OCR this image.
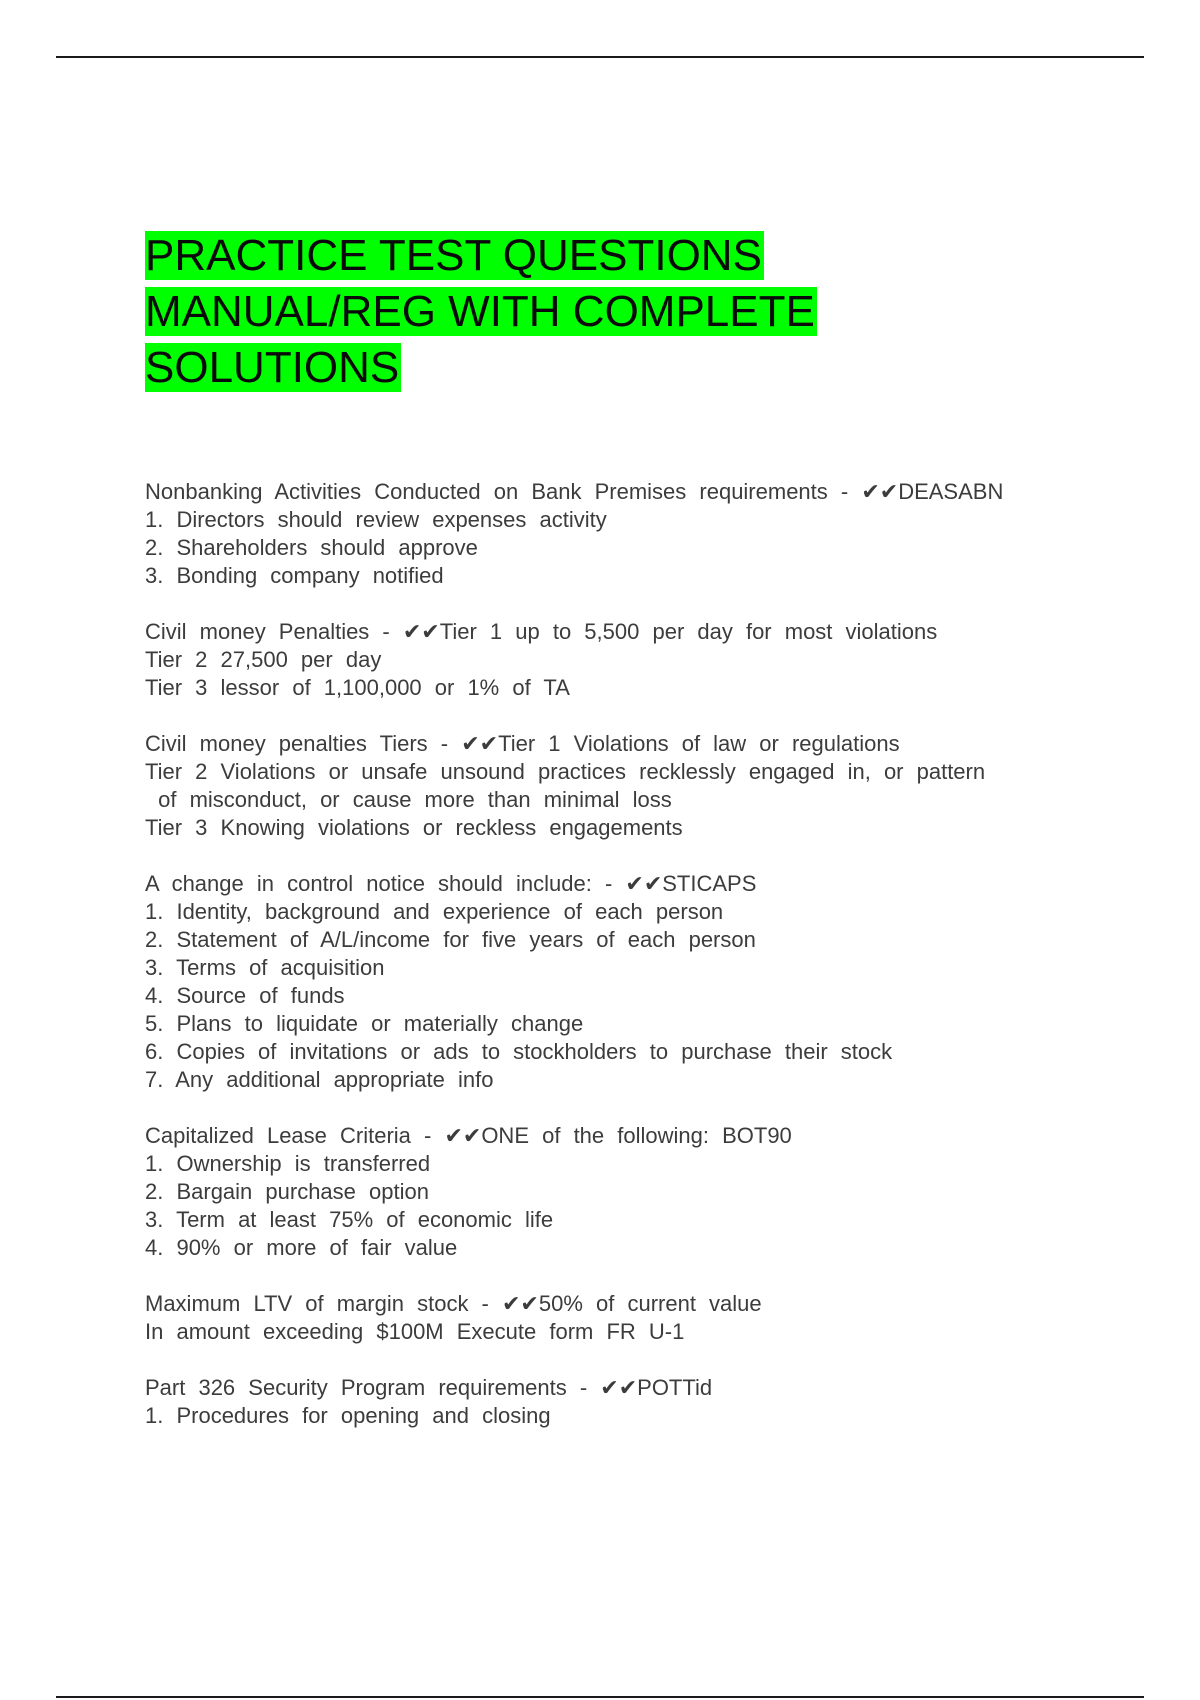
PRACTICE TEST QUESTIONS
MANUAL/REG WITH COMPLETE
SOLUTIONS
Nonbanking Activities Conducted on Bank Premises requirements - ✔✔DEASABN
1. Directors should review expenses activity
2. Shareholders should approve
3. Bonding company notified
Civil money Penalties - ✔✔Tier 1 up to 5,500 per day for most violations
Tier 2 27,500 per day
Tier 3 lessor of 1,100,000 or 1% of TA
Civil money penalties Tiers - ✔✔Tier 1 Violations of law or regulations
Tier 2 Violations or unsafe unsound practices recklessly engaged in, or pattern
of misconduct, or cause more than minimal loss
Tier 3 Knowing violations or reckless engagements
A change in control notice should include: - ✔✔STICAPS
1. Identity, background and experience of each person
2. Statement of A/L/income for five years of each person
3. Terms of acquisition
4. Source of funds
5. Plans to liquidate or materially change
6. Copies of invitations or ads to stockholders to purchase their stock
7. Any additional appropriate info
Capitalized Lease Criteria - ✔✔ONE of the following: BOT90
1. Ownership is transferred
2. Bargain purchase option
3. Term at least 75% of economic life
4. 90% or more of fair value
Maximum LTV of margin stock - ✔✔50% of current value
In amount exceeding $100M Execute form FR U-1
Part 326 Security Program requirements - ✔✔POTTid
1. Procedures for opening and closing
